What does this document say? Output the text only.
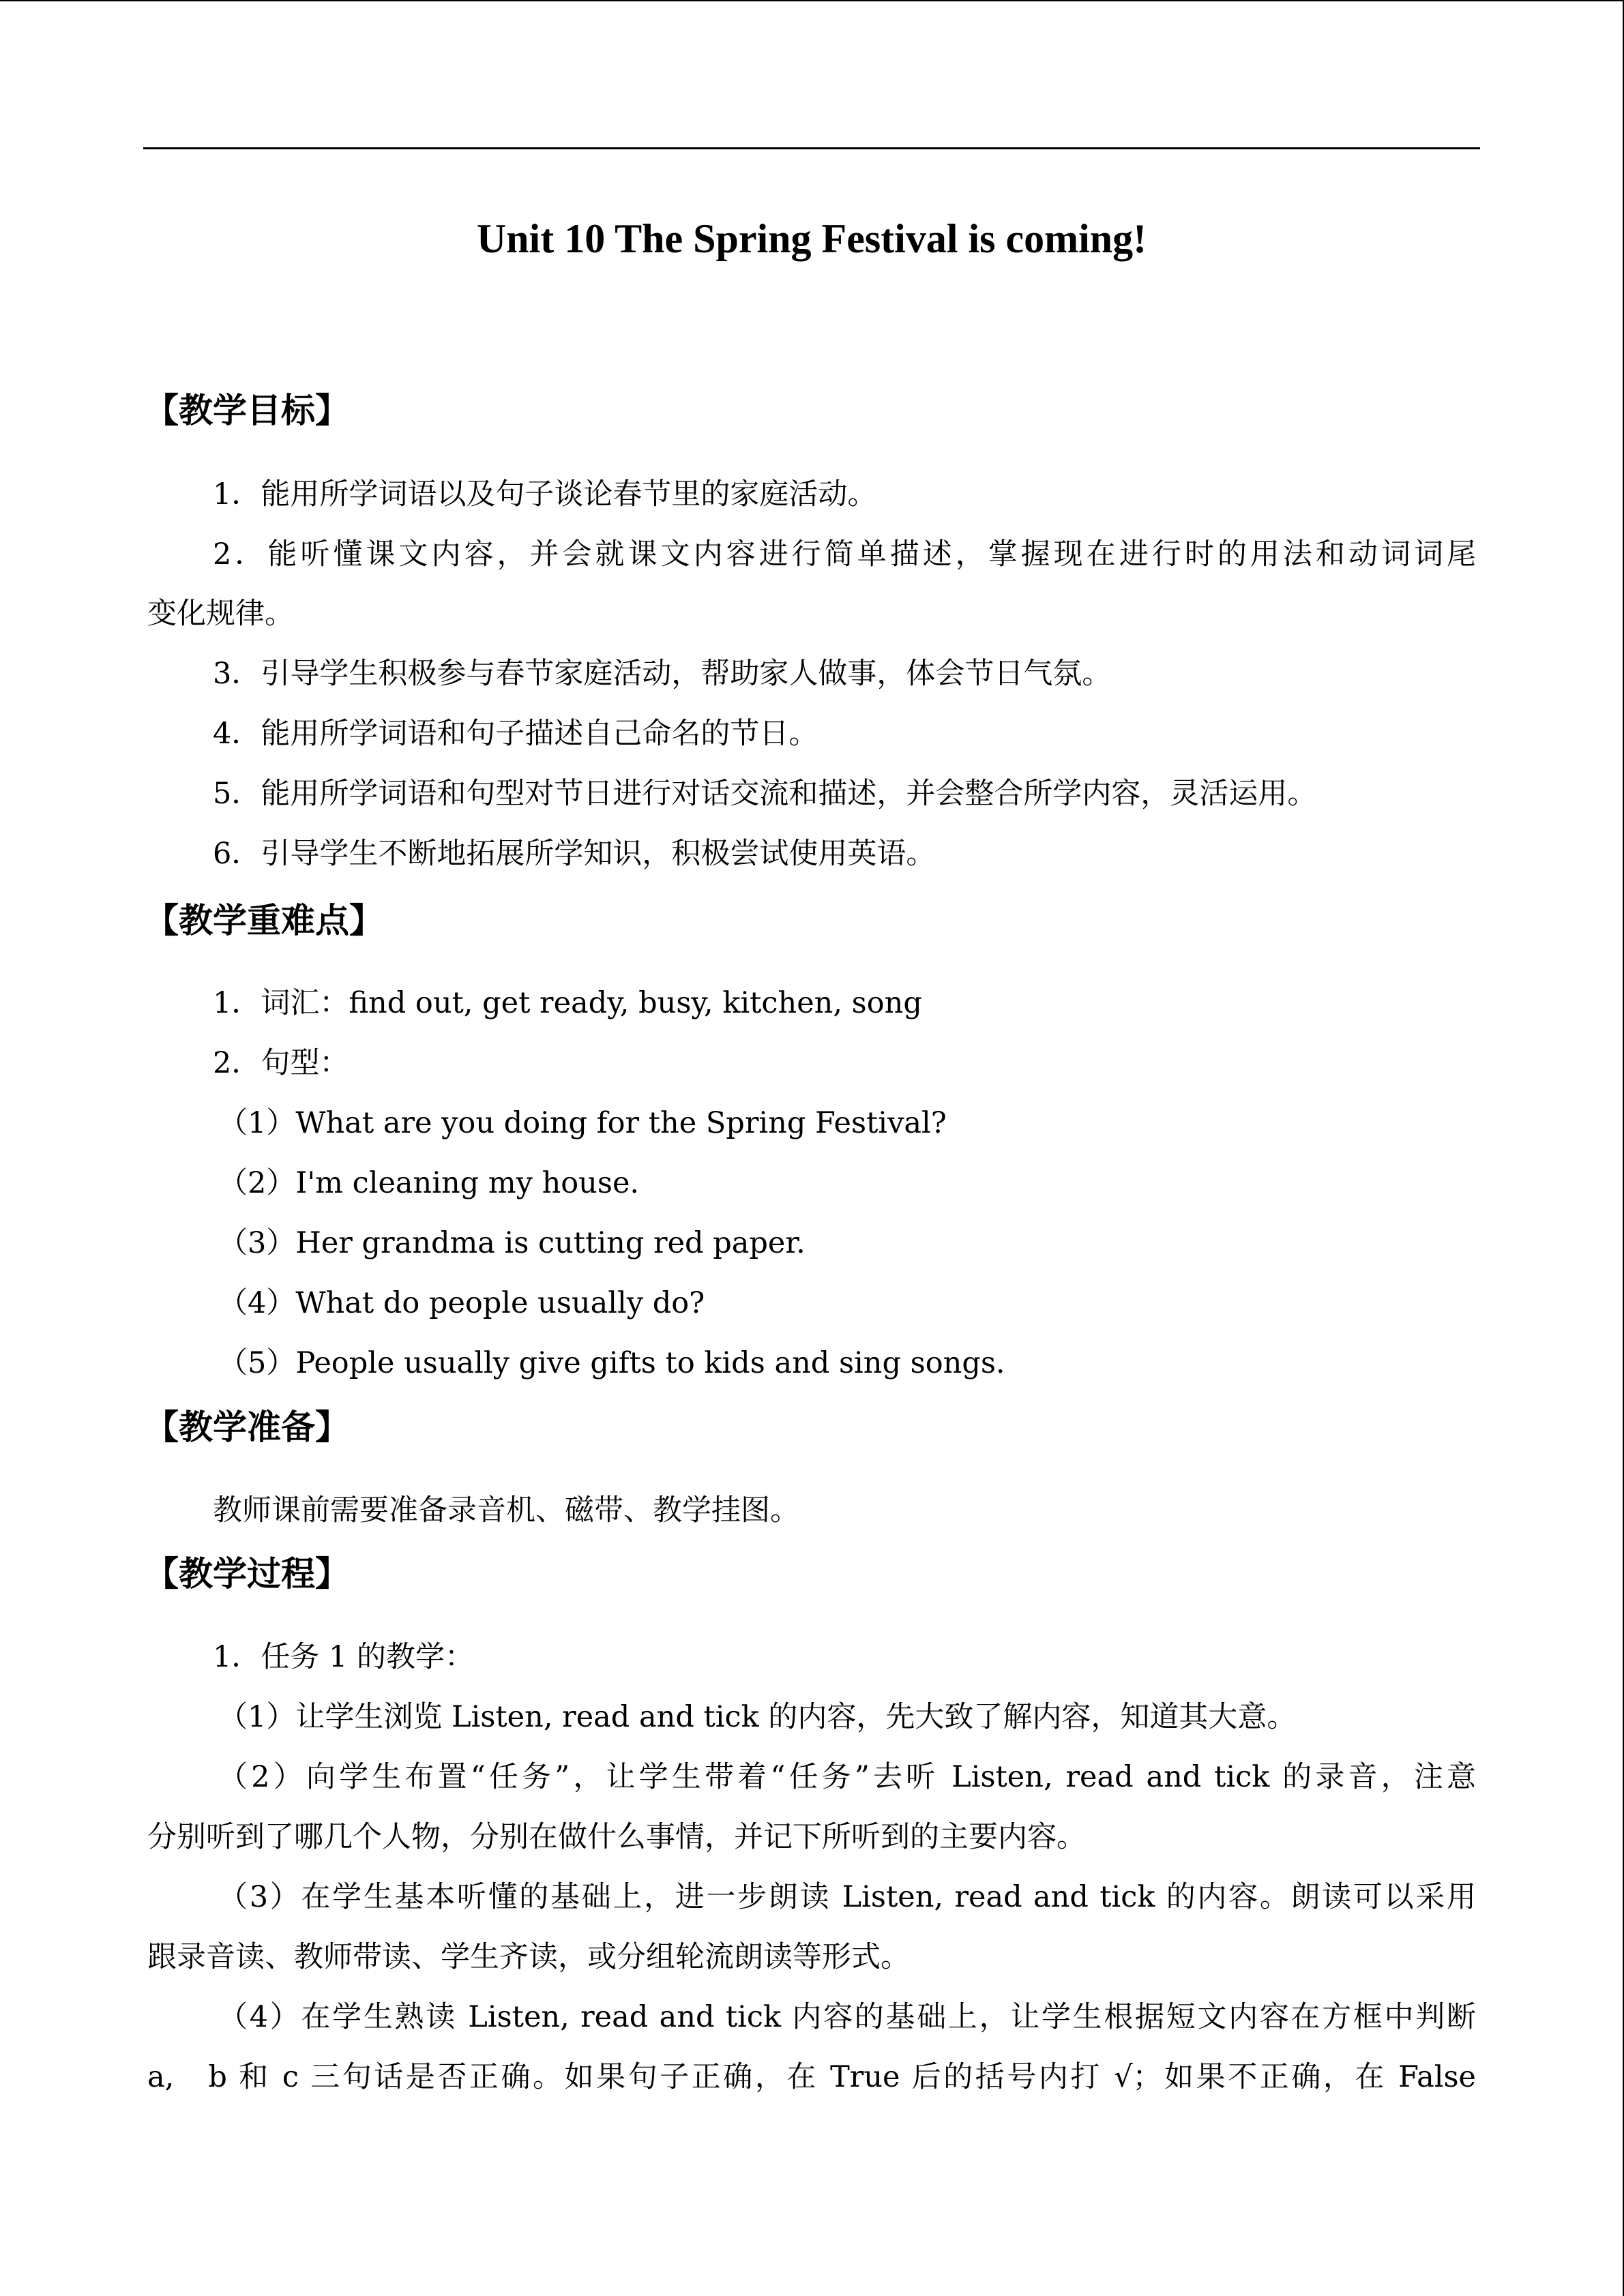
Unit 10 The Spring Festival is coming!
【教学目标】
1．能用所学词语以及句子谈论春节里的家庭活动。
2．能听懂课文内容，并会就课文内容进行简单描述，掌握现在进行时的用法和动词词尾
变化规律。
3．引导学生积极参与春节家庭活动，帮助家人做事，体会节日气氛。
4．能用所学词语和句子描述自己命名的节日。
5．能用所学词语和句型对节日进行对话交流和描述，并会整合所学内容，灵活运用。
6．引导学生不断地拓展所学知识，积极尝试使用英语。
【教学重难点】
1．词汇：find out, get ready, busy, kitchen, song
2．句型：
（1）What are you doing for the Spring Festival?
（2）I'm cleaning my house.
（3）Her grandma is cutting red paper.
（4）What do people usually do?
（5）People usually give gifts to kids and sing songs.
【教学准备】
教师课前需要准备录音机、磁带、教学挂图。
【教学过程】
1．任务 1 的教学：
（1）让学生浏览 Listen, read and tick 的内容，先大致了解内容，知道其大意。
（2）向学生布置“任务”，让学生带着“任务”去听 Listen, read and tick 的录音，注意
分别听到了哪几个人物，分别在做什么事情，并记下所听到的主要内容。
（3）在学生基本听懂的基础上，进一步朗读 Listen, read and tick 的内容。朗读可以采用
跟录音读、教师带读、学生齐读，或分组轮流朗读等形式。
（4）在学生熟读 Listen, read and tick 内容的基础上，让学生根据短文内容在方框中判断
a,　b 和 c 三句话是否正确。如果句子正确，在 True 后的括号内打 √；如果不正确，在 False
